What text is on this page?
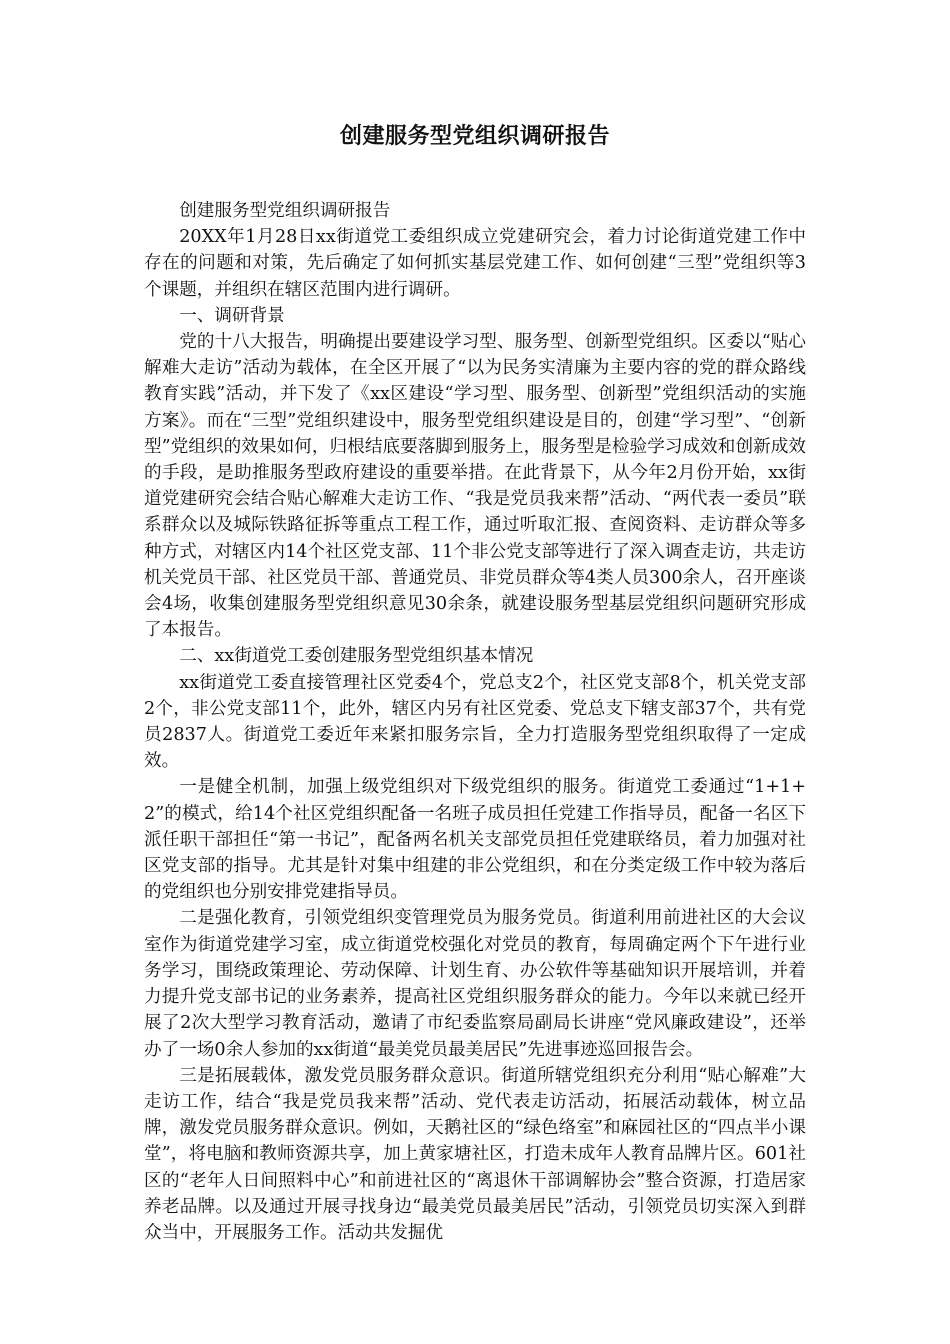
创建服务型党组织调研报告

创建服务型党组织调研报告

20XX年1月28日xx街道党工委组织成立党建研究会，着力讨论街道党建工作中存在的问题和对策，先后确定了如何抓实基层党建工作、如何创建“三型”党组织等3个课题，并组织在辖区范围内进行调研。

一、调研背景

党的十八大报告，明确提出要建设学习型、服务型、创新型党组织。区委以“贴心解难大走访”活动为载体，在全区开展了“以为民务实清廉为主要内容的党的群众路线教育实践”活动，并下发了《xx区建设“学习型、服务型、创新型”党组织活动的实施方案》。而在“三型”党组织建设中，服务型党组织建设是目的，创建“学习型”、“创新型”党组织的效果如何，归根结底要落脚到服务上，服务型是检验学习成效和创新成效的手段，是助推服务型政府建设的重要举措。在此背景下，从今年2月份开始，xx街道党建研究会结合贴心解难大走访工作、“我是党员我来帮”活动、“两代表一委员”联系群众以及城际铁路征拆等重点工程工作，通过听取汇报、查阅资料、走访群众等多种方式，对辖区内14个社区党支部、11个非公党支部等进行了深入调查走访，共走访机关党员干部、社区党员干部、普通党员、非党员群众等4类人员300余人，召开座谈会4场，收集创建服务型党组织意见30余条，就建设服务型基层党组织问题研究形成了本报告。

二、xx街道党工委创建服务型党组织基本情况

xx街道党工委直接管理社区党委4个，党总支2个，社区党支部8个，机关党支部2个，非公党支部11个，此外，辖区内另有社区党委、党总支下辖支部37个，共有党员2837人。街道党工委近年来紧扣服务宗旨，全力打造服务型党组织取得了一定成效。

一是健全机制，加强上级党组织对下级党组织的服务。街道党工委通过“1+1+2”的模式，给14个社区党组织配备一名班子成员担任党建工作指导员，配备一名区下派任职干部担任“第一书记”，配备两名机关支部党员担任党建联络员，着力加强对社区党支部的指导。尤其是针对集中组建的非公党组织，和在分类定级工作中较为落后的党组织也分别安排党建指导员。

二是强化教育，引领党组织变管理党员为服务党员。街道利用前进社区的大会议室作为街道党建学习室，成立街道党校强化对党员的教育，每周确定两个下午进行业务学习，围绕政策理论、劳动保障、计划生育、办公软件等基础知识开展培训，并着力提升党支部书记的业务素养，提高社区党组织服务群众的能力。今年以来就已经开展了2次大型学习教育活动，邀请了市纪委监察局副局长讲座“党风廉政建设”，还举办了一场0余人参加的xx街道“最美党员最美居民”先进事迹巡回报告会。

三是拓展载体，激发党员服务群众意识。街道所辖党组织充分利用“贴心解难”大走访工作，结合“我是党员我来帮”活动、党代表走访活动，拓展活动载体，树立品牌，激发党员服务群众意识。例如，天鹅社区的“绿色络室”和麻园社区的“四点半小课堂”，将电脑和教师资源共享，加上黄家塘社区，打造未成年人教育品牌片区。601社区的“老年人日间照料中心”和前进社区的“离退休干部调解协会”整合资源，打造居家养老品牌。以及通过开展寻找身边“最美党员最美居民”活动，引领党员切实深入到群众当中，开展服务工作。活动共发掘优
